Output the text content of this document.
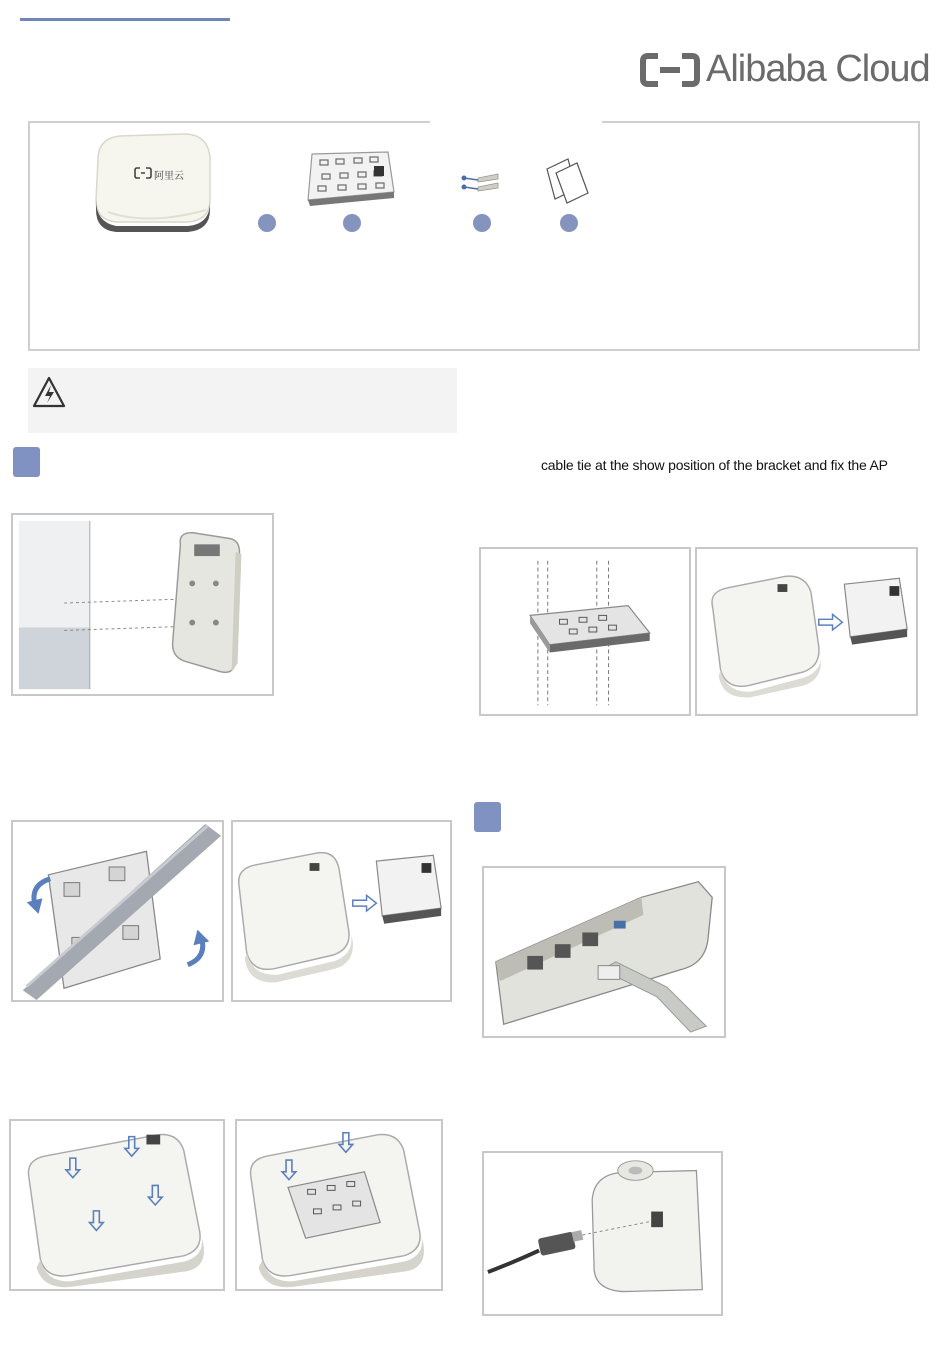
Alibaba Cloud
阿里云
cable tie at the show position of the bracket and fix the AP
